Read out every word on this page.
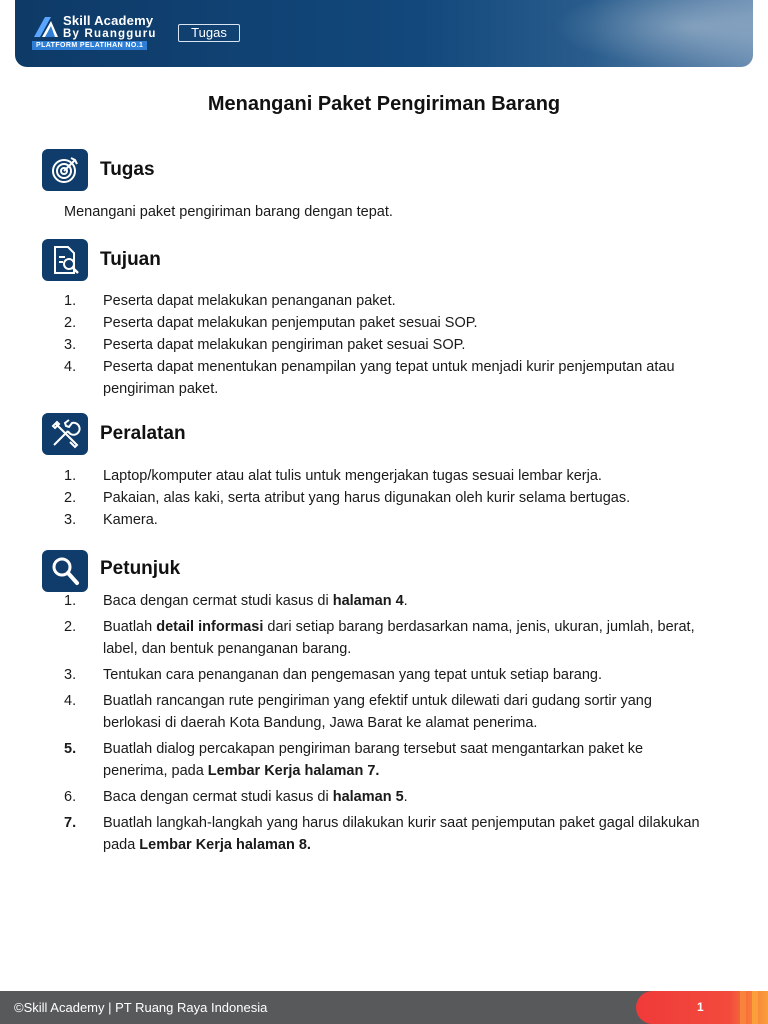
Skill Academy
By Ruangguru
PLATFORM PELATIHAN NO.1
Tugas
Menangani Paket Pengiriman Barang
Tugas
Menangani paket pengiriman barang dengan tepat.
Tujuan
1. Peserta dapat melakukan penanganan paket.
2. Peserta dapat melakukan penjemputan paket sesuai SOP.
3. Peserta dapat melakukan pengiriman paket sesuai SOP.
4. Peserta dapat menentukan penampilan yang tepat untuk menjadi kurir penjemputan atau pengiriman paket.
Peralatan
1. Laptop/komputer atau alat tulis untuk mengerjakan tugas sesuai lembar kerja.
2. Pakaian, alas kaki, serta atribut yang harus digunakan oleh kurir selama bertugas.
3. Kamera.
Petunjuk
1. Baca dengan cermat studi kasus di halaman 4.
2. Buatlah detail informasi dari setiap barang berdasarkan nama, jenis, ukuran, jumlah, berat, label, dan bentuk penanganan barang.
3. Tentukan cara penanganan dan pengemasan yang tepat untuk setiap barang.
4. Buatlah rancangan rute pengiriman yang efektif untuk dilewati dari gudang sortir yang berlokasi di daerah Kota Bandung, Jawa Barat ke alamat penerima.
5. Buatlah dialog percakapan pengiriman barang tersebut saat mengantarkan paket ke penerima, pada Lembar Kerja halaman 7.
6. Baca dengan cermat studi kasus di halaman 5.
7. Buatlah langkah-langkah yang harus dilakukan kurir saat penjemputan paket gagal dilakukan pada Lembar Kerja halaman 8.
©Skill Academy | PT Ruang Raya Indonesia	1
